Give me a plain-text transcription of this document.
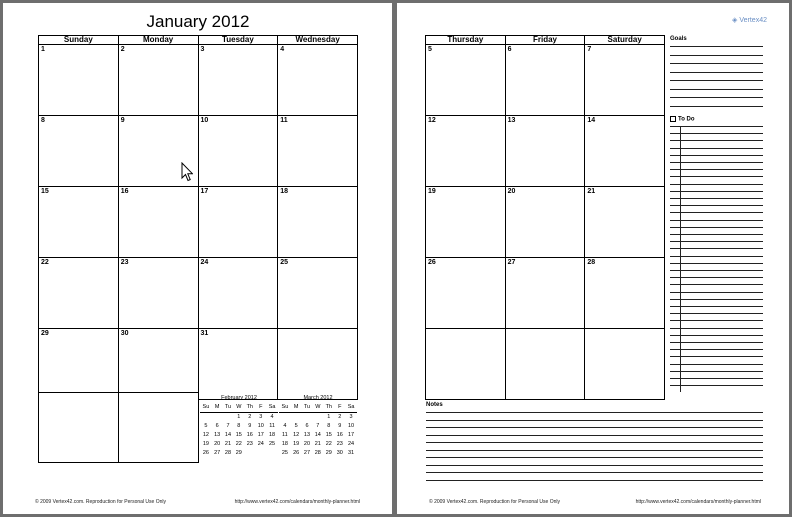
January 2012
Sunday	Monday	Tuesday	Wednesday
1	2	3	4
8	9	10	11
15	16	17	18
22	23	24	25
29	30	31	
February 2012
Su	M	Tu	W	Th	F	Sa
			1	2	3	4
5	6	7	8	9	10	11
12	13	14	15	16	17	18
19	20	21	22	23	24	25
26	27	28	29			
March 2012
Su	M	Tu	W	Th	F	Sa
				1	2	3
4	5	6	7	8	9	10
11	12	13	14	15	16	17
18	19	20	21	22	23	24
25	26	27	28	29	30	31
© 2009 Vertex42.com. Reproduction for Personal Use Only	http://www.vertex42.com/calendars/monthly-planner.html
◈ Vertex42
Thursday	Friday	Saturday
5	6	7
12	13	14
19	20	21
26	27	28

Goals
To Do
Notes
© 2009 Vertex42.com. Reproduction for Personal Use Only	http://www.vertex42.com/calendars/monthly-planner.html
